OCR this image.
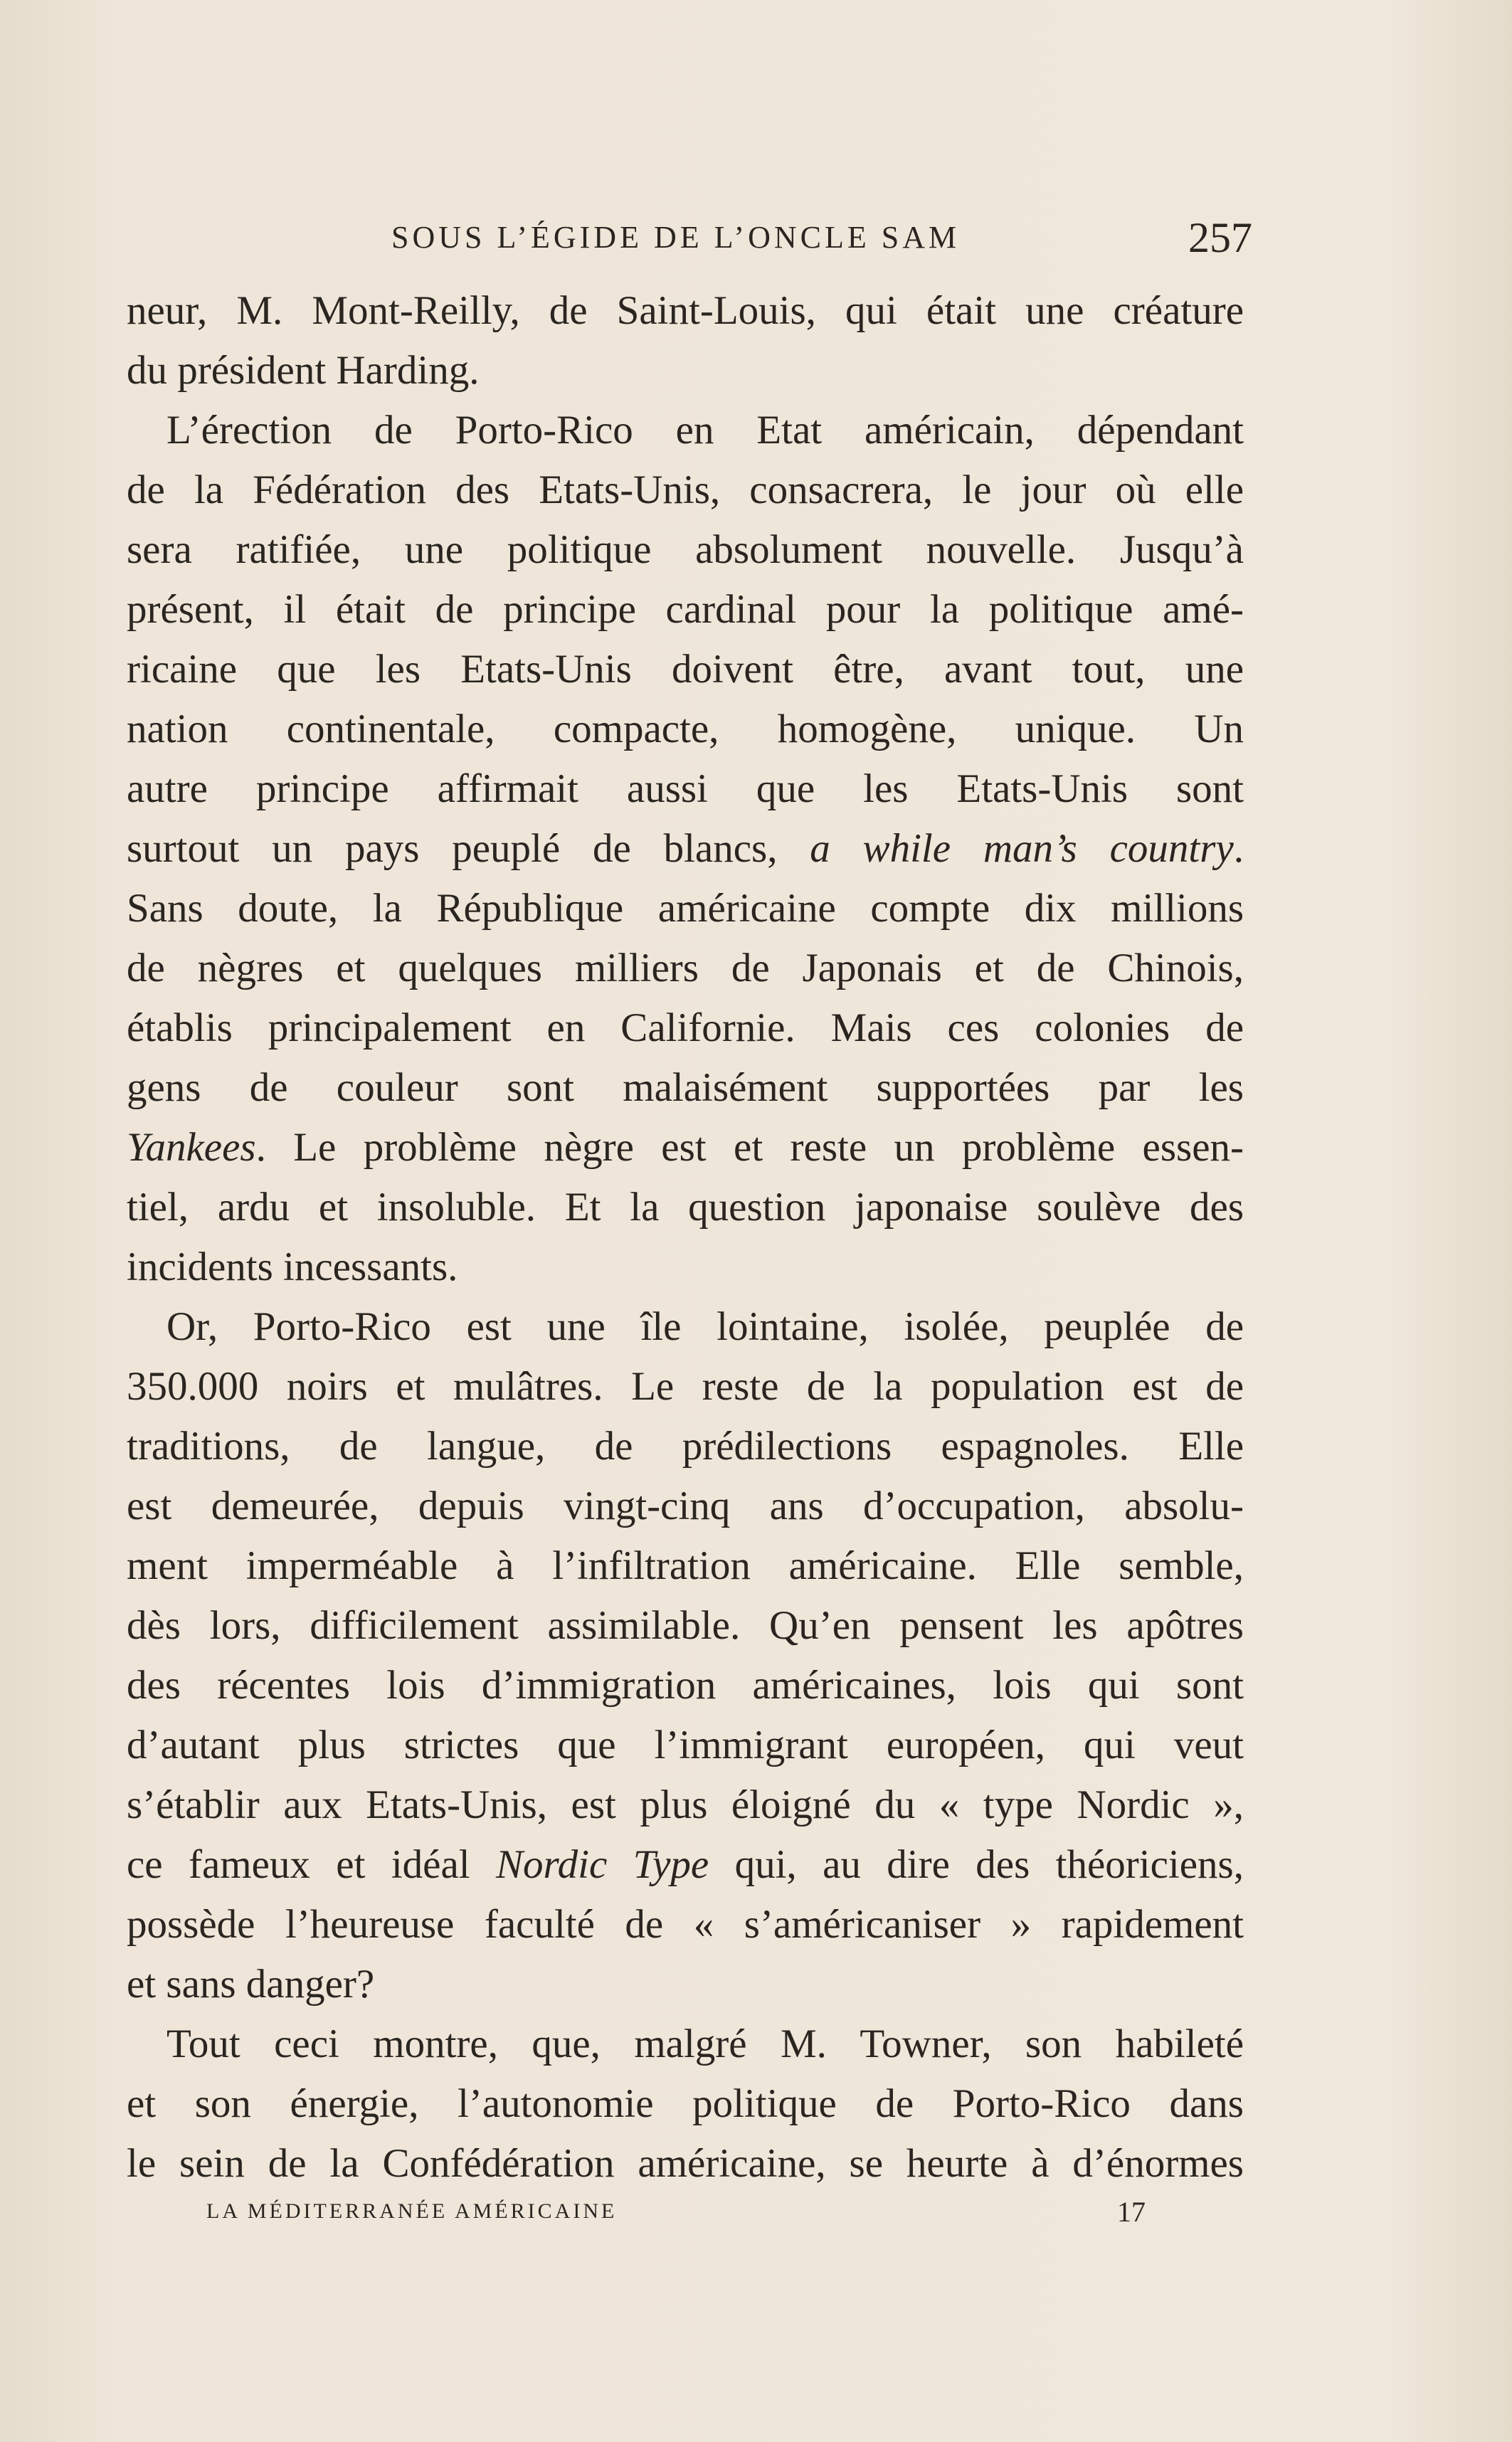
SOUS L’ÉGIDE DE L’ONCLE SAM	257
neur, M. Mont-Reilly, de Saint-Louis, qui était une créature
du président Harding.
L’érection de Porto-Rico en Etat américain, dépendant
de la Fédération des Etats-Unis, consacrera, le jour où elle
sera ratifiée, une politique absolument nouvelle. Jusqu’à
présent, il était de principe cardinal pour la politique amé-
ricaine que les Etats-Unis doivent être, avant tout, une
nation continentale, compacte, homogène, unique. Un
autre principe affirmait aussi que les Etats-Unis sont
surtout un pays peuplé de blancs, a while man’s country.
Sans doute, la République américaine compte dix millions
de nègres et quelques milliers de Japonais et de Chinois,
établis principalement en Californie. Mais ces colonies de
gens de couleur sont malaisément supportées par les
Yankees. Le problème nègre est et reste un problème essen-
tiel, ardu et insoluble. Et la question japonaise soulève des
incidents incessants.
Or, Porto-Rico est une île lointaine, isolée, peuplée de
350.000 noirs et mulâtres. Le reste de la population est de
traditions, de langue, de prédilections espagnoles. Elle
est demeurée, depuis vingt-cinq ans d’occupation, absolu-
ment imperméable à l’infiltration américaine. Elle semble,
dès lors, difficilement assimilable. Qu’en pensent les apôtres
des récentes lois d’immigration américaines, lois qui sont
d’autant plus strictes que l’immigrant européen, qui veut
s’établir aux Etats-Unis, est plus éloigné du « type Nordic »,
ce fameux et idéal Nordic Type qui, au dire des théoriciens,
possède l’heureuse faculté de « s’américaniser » rapidement
et sans danger?
Tout ceci montre, que, malgré M. Towner, son habileté
et son énergie, l’autonomie politique de Porto-Rico dans
le sein de la Confédération américaine, se heurte à d’énormes
LA MÉDITERRANÉE AMÉRICAINE	17
